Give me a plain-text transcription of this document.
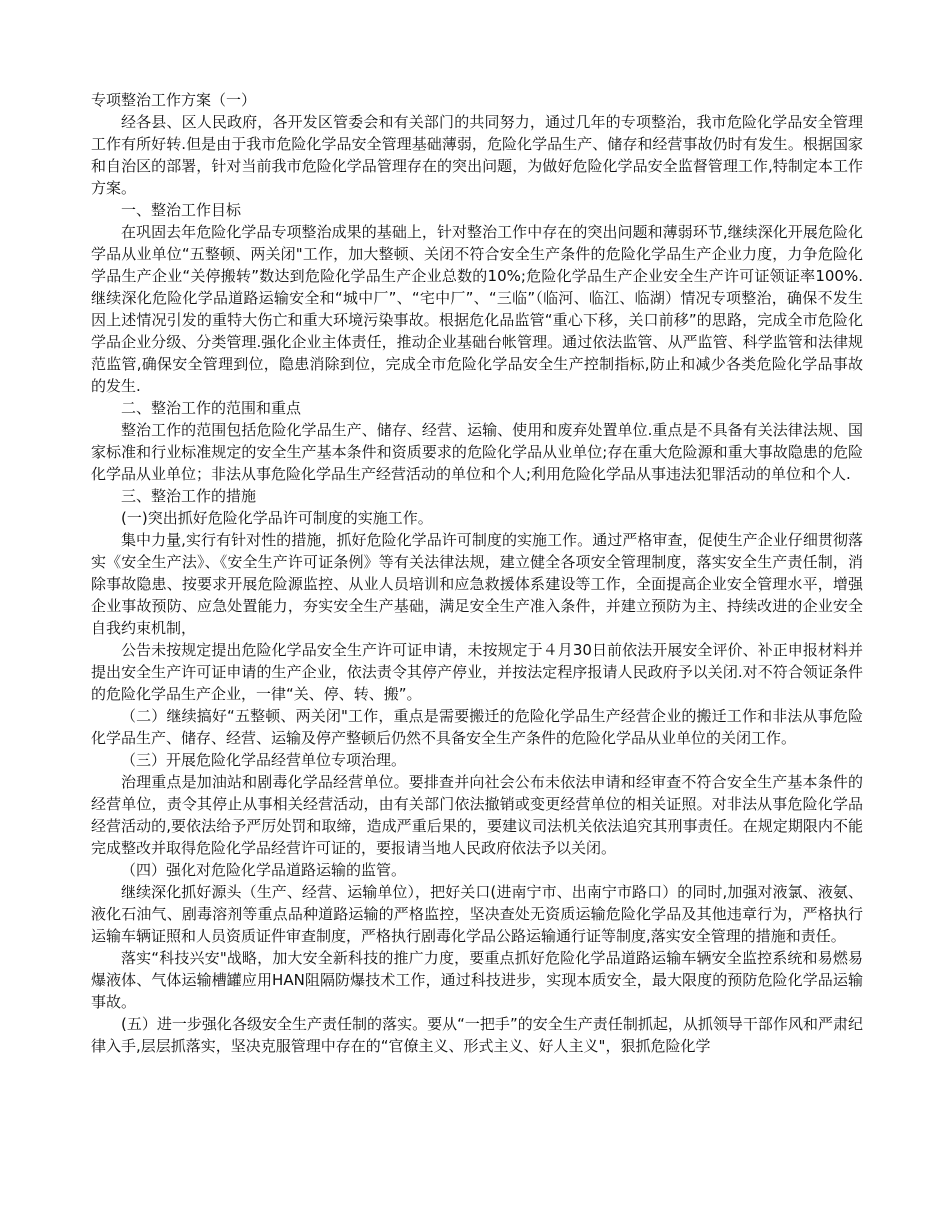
专项整治工作方案（一）

经各县、区人民政府，各开发区管委会和有关部门的共同努力，通过几年的专项整治，我市危险化学品安全管理工作有所好转.但是由于我市危险化学品安全管理基础薄弱，危险化学品生产、储存和经营事故仍时有发生。根据国家和自治区的部署，针对当前我市危险化学品管理存在的突出问题，为做好危险化学品安全监督管理工作,特制定本工作方案。

一、整治工作目标

在巩固去年危险化学品专项整治成果的基础上，针对整治工作中存在的突出问题和薄弱环节,继续深化开展危险化学品从业单位“五整顿、两关闭"工作，加大整顿、关闭不符合安全生产条件的危险化学品生产企业力度，力争危险化学品生产企业“关停搬转”数达到危险化学品生产企业总数的10%;危险化学品生产企业安全生产许可证领证率100%.继续深化危险化学品道路运输安全和“城中厂”、“宅中厂”、“三临”（临河、临江、临湖）情况专项整治，确保不发生因上述情况引发的重特大伤亡和重大环境污染事故。根据危化品监管“重心下移，关口前移”的思路，完成全市危险化学品企业分级、分类管理.强化企业主体责任，推动企业基础台帐管理。通过依法监管、从严监管、科学监管和法律规范监管,确保安全管理到位，隐患消除到位，完成全市危险化学品安全生产控制指标,防止和减少各类危险化学品事故的发生.

二、整治工作的范围和重点

整治工作的范围包括危险化学品生产、储存、经营、运输、使用和废弃处置单位.重点是不具备有关法律法规、国家标准和行业标准规定的安全生产基本条件和资质要求的危险化学品从业单位;存在重大危险源和重大事故隐患的危险化学品从业单位；非法从事危险化学品生产经营活动的单位和个人;利用危险化学品从事违法犯罪活动的单位和个人.

三、整治工作的措施

(一)突出抓好危险化学品许可制度的实施工作。

集中力量,实行有针对性的措施，抓好危险化学品许可制度的实施工作。通过严格审查，促使生产企业仔细贯彻落实《安全生产法》、《安全生产许可证条例》等有关法律法规，建立健全各项安全管理制度，落实安全生产责任制，消除事故隐患、按要求开展危险源监控、从业人员培训和应急救援体系建设等工作，全面提高企业安全管理水平，增强企业事故预防、应急处置能力，夯实安全生产基础，满足安全生产准入条件，并建立预防为主、持续改进的企业安全自我约束机制，

公告未按规定提出危险化学品安全生产许可证申请，未按规定于４月30日前依法开展安全评价、补正申报材料并提出安全生产许可证申请的生产企业，依法责令其停产停业，并按法定程序报请人民政府予以关闭.对不符合领证条件的危险化学品生产企业，一律“关、停、转、搬”。

（二）继续搞好“五整顿、两关闭"工作，重点是需要搬迁的危险化学品生产经营企业的搬迁工作和非法从事危险化学品生产、储存、经营、运输及停产整顿后仍然不具备安全生产条件的危险化学品从业单位的关闭工作。

（三）开展危险化学品经营单位专项治理。

治理重点是加油站和剧毒化学品经营单位。要排查并向社会公布未依法申请和经审查不符合安全生产基本条件的经营单位，责令其停止从事相关经营活动，由有关部门依法撤销或变更经营单位的相关证照。对非法从事危险化学品经营活动的,要依法给予严厉处罚和取缔，造成严重后果的，要建议司法机关依法追究其刑事责任。在规定期限内不能完成整改并取得危险化学品经营许可证的，要报请当地人民政府依法予以关闭。

（四）强化对危险化学品道路运输的监管。

继续深化抓好源头（生产、经营、运输单位），把好关口(进南宁市、出南宁市路口）的同时,加强对液氯、液氨、液化石油气、剧毒溶剂等重点品种道路运输的严格监控，坚决查处无资质运输危险化学品及其他违章行为，严格执行运输车辆证照和人员资质证件审查制度，严格执行剧毒化学品公路运输通行证等制度,落实安全管理的措施和责任。

落实“科技兴安"战略，加大安全新科技的推广力度，要重点抓好危险化学品道路运输车辆安全监控系统和易燃易爆液体、气体运输槽罐应用HAN阻隔防爆技术工作，通过科技进步，实现本质安全，最大限度的预防危险化学品运输事故。

(五）进一步强化各级安全生产责任制的落实。要从“一把手”的安全生产责任制抓起，从抓领导干部作风和严肃纪律入手,层层抓落实，坚决克服管理中存在的“官僚主义、形式主义、好人主义"，狠抓危险化学
